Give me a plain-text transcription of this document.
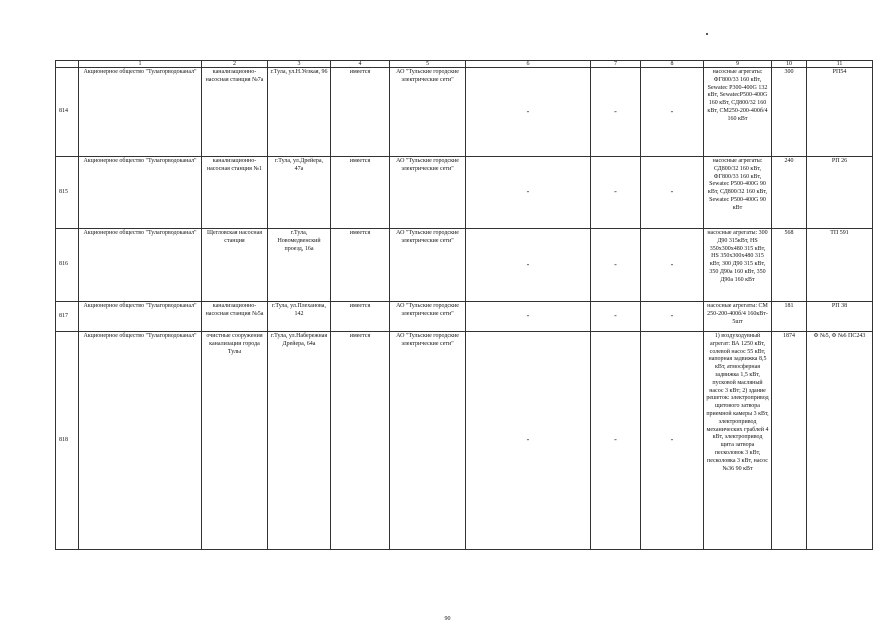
	1	2	3	4	5	6	7	8	9	10	11
814	Акционерное общество "Тулагорводоканал"	канализационно-насосная станция №7а	г.Тула, ул.Н.Уезкая, 96	имеется	АО "Тульские городские электрические сети"	-	-	-	насосные агрегаты: ФГ800/33 160 кВт, Sewatec P300-400G 132 кВт, SewatecP500-400G 160 кВт, СД800/32 160 кВт, СМ250-200-400б/4 160 кВт	300	РП54
815	Акционерное общество "Тулагорводоканал"	канализационно-насосная станция №1	г.Тула, ул.Дрейера, 47а	имеется	АО "Тульские городские электрические сети"	-	-	-	насосные агрегаты: СД800/32 160 кВт, ФГ800/33 160 кВт, Sewatec P500-400G 90 кВт, СД800/32 160 кВт, Sewatec P500-400G 90 кВт	240	РП 26
816	Акционерное общество "Тулагорводоканал"	Щегловская насосная станция	г.Тула, Новомедвенский проезд, 16а	имеется	АО "Тульские городские электрические сети"	-	-	-	насосные агрегаты: 300 Д90 315кВт, HS 350x300x480 315 кВт, HS 350x300x480 315 кВт, 300 Д90 315 кВт, 350 Д90а 160 кВт, 350 Д90а 160 кВт	568	ТП 591
817	Акционерное общество "Тулагорводоканал"	канализационно-насосная станция №5а	г.Тула, ул.Плеханова, 142	имеется	АО "Тульские городские электрические сети"	-	-	-	насосные агрегаты: СМ 250-200-400б/4 160кВт- 5шт	181	РП 38
818	Акционерное общество "Тулагорводоканал"	очистные сооружения канализации города Тулы	г.Тула, ул.Набережная Дрейера, 64а	имеется	АО "Тульские городские электрические сети"	-	-	-	1) воздуходувный агрегат: ВА 1250 кВт, солевой насос 55 кВт, напорная задвижка 8,5 кВт, атмосферная задвижка 1,5 кВт, пусковой масляный насос 3 кВт; 2) здание решеток: электропривод щитового затвора приемной камеры 3 кВт, электропривод механических граблей 4 кВт, электропривод щита затвора песколовок 3 кВт, песколовка 3 кВт, насос №36 90 кВт	1874	Ф №5, Ф №6 ПС243
90
